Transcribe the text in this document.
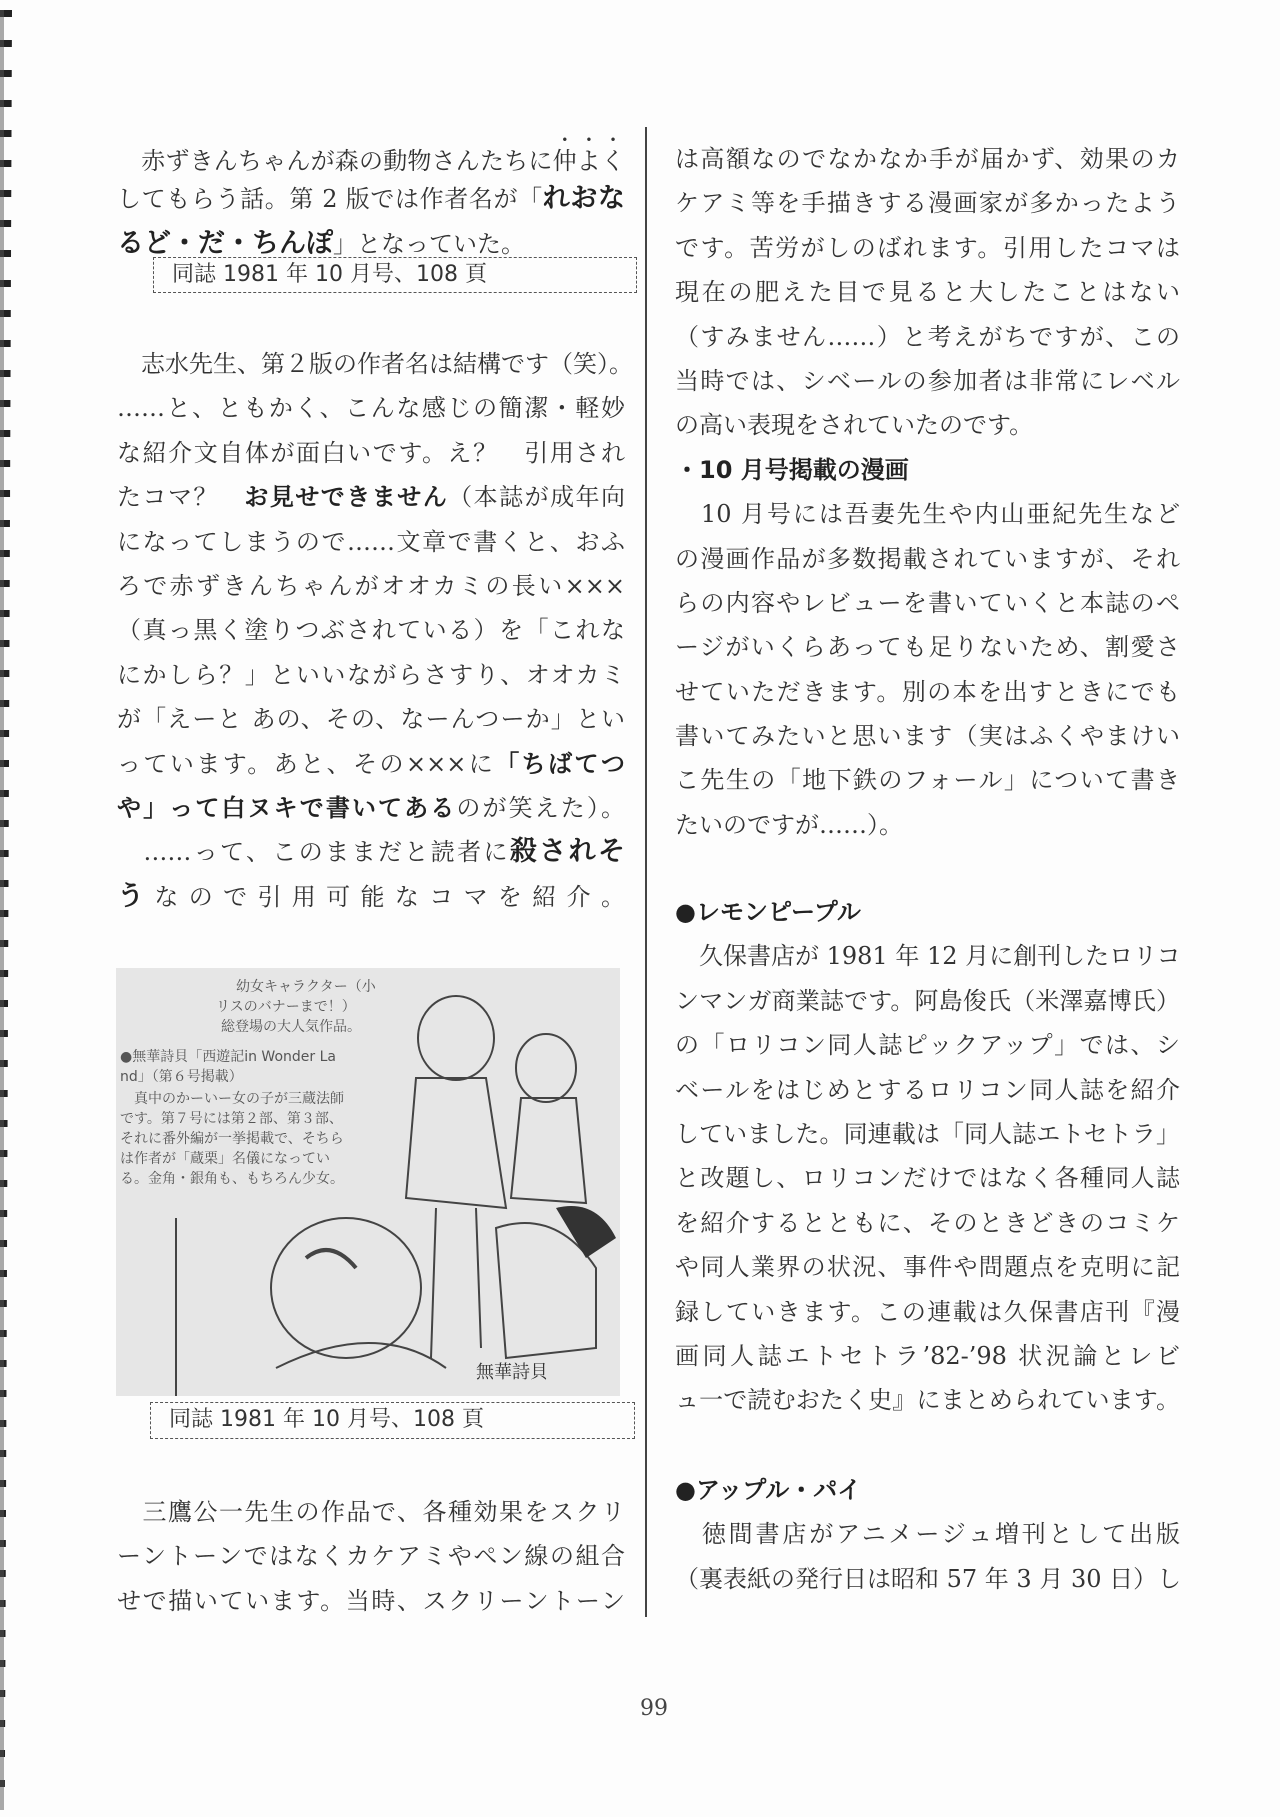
　赤ずきんちゃんが森の動物さんたちに仲よく
してもらう話。第 2 版では作者名が「れおな
るど・だ・ちんぽ」となっていた。
同誌 1981 年 10 月号、108 頁
　志水先生、第２版の作者名は結構です（笑）。
……と、ともかく、こんな感じの簡潔・軽妙
な紹介文自体が面白いです。え？　引用され
たコマ？　お見せできません（本誌が成年向
になってしまうので……文章で書くと、おふ
ろで赤ずきんちゃんがオオカミの長い×××
（真っ黒く塗りつぶされている）を「これな
にかしら？」といいながらさすり、オオカミ
が「えーと あの、その、なーんつーか」とい
っています。あと、その×××に「ちばてつ
や」って白ヌキで書いてあるのが笑えた）。
　……って、このままだと読者に殺されそ
うなので引用可能なコマを紹介。
幼女キャラクター（小
リスのバナーまで！）
総登場の大人気作品。
●無華詩貝「西遊記in Wonder La
nd」（第６号掲載）
　真中のかーいー女の子が三蔵法師
です。第７号には第２部、第３部、
それに番外編が一挙掲載で、そちら
は作者が「蔵栗」名儀になってい
る。金角・銀角も、もちろん少女。
無華詩貝
同誌 1981 年 10 月号、108 頁
　三鷹公一先生の作品で、各種効果をスクリ
ーントーンではなくカケアミやペン線の組合
せで描いています。当時、スクリーントーン
は高額なのでなかなか手が届かず、効果のカ
ケアミ等を手描きする漫画家が多かったよう
です。苦労がしのばれます。引用したコマは
現在の肥えた目で見ると大したことはない
（すみません……）と考えがちですが、この
当時では、シベールの参加者は非常にレベル
の高い表現をされていたのです。
・10 月号掲載の漫画
　10 月号には吾妻先生や内山亜紀先生など
の漫画作品が多数掲載されていますが、それ
らの内容やレビューを書いていくと本誌のペ
ージがいくらあっても足りないため、割愛さ
せていただきます。別の本を出すときにでも
書いてみたいと思います（実はふくやまけい
こ先生の「地下鉄のフォール」について書き
たいのですが……）。
●レモンピープル
　久保書店が 1981 年 12 月に創刊したロリコ
ンマンガ商業誌です。阿島俊氏（米澤嘉博氏）
の「ロリコン同人誌ピックアップ」では、シ
ベールをはじめとするロリコン同人誌を紹介
していました。同連載は「同人誌エトセトラ」
と改題し、ロリコンだけではなく各種同人誌
を紹介するとともに、そのときどきのコミケ
や同人業界の状況、事件や問題点を克明に記
録していきます。この連載は久保書店刊『漫
画同人誌エトセトラ’82-’98 状況論とレビ
ュ一で読むおたく史』にまとめられています。
●アップル・パイ
　徳間書店がアニメージュ増刊として出版
（裏表紙の発行日は昭和 57 年 3 月 30 日）し
99
